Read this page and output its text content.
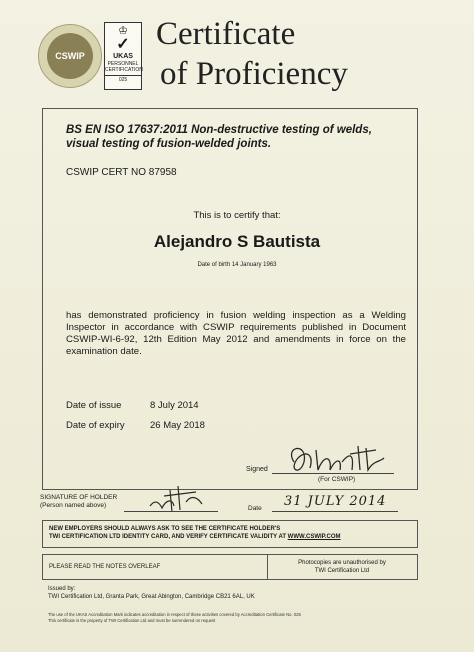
CSWIP
♔
✓
UKAS
PERSONNEL CERTIFICATION
025
Certificate
of Proficiency
BS EN ISO 17637:2011 Non-destructive testing of welds, visual testing of fusion-welded joints.
CSWIP CERT NO 87958
This is to certify that:
Alejandro S Bautista
Date of birth 14 January 1963
has demonstrated proficiency in fusion welding inspection as a Welding Inspector in accordance with CSWIP requirements published in Document CSWIP-WI-6-92, 12th Edition May 2012 and amendments in force on the examination date.
Date of issue	8 July 2014
Date of expiry	26 May 2018
Signed
(For CSWIP)
SIGNATURE OF HOLDER
(Person named above)	Date 31 JULY 2014
NEW EMPLOYERS SHOULD ALWAYS ASK TO SEE THE CERTIFICATE HOLDER'S
TWI CERTIFICATION LTD IDENTITY CARD, AND VERIFY CERTIFICATE VALIDITY AT WWW.CSWIP.COM
PLEASE READ THE NOTES OVERLEAF
Photocopies are unauthorised by
TWI Certification Ltd
Issued by:
TWI Certification Ltd, Granta Park, Great Abington, Cambridge CB21 6AL, UK
The use of the UKAS Accreditation Mark indicates accreditation in respect of those activities covered by Accreditation Certificate No. 025
This certificate is the property of TWI Certification Ltd and must be surrendered on request
